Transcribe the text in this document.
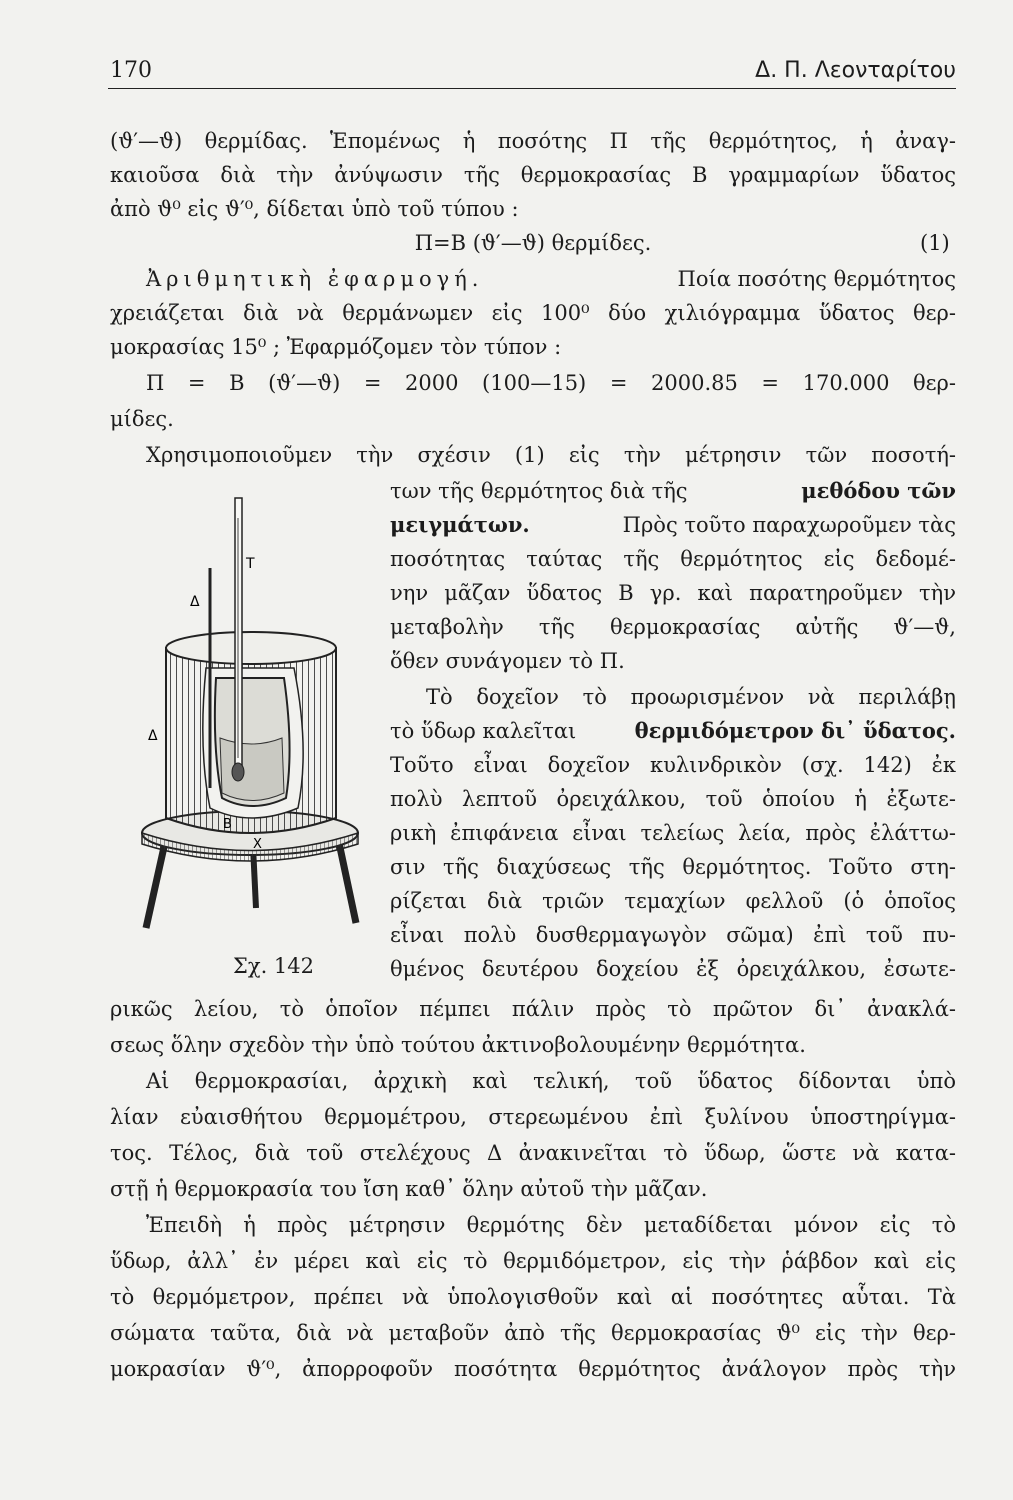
170	Δ. Π. Λεονταρίτου
(ϑ′—ϑ) θερμίδας. Ἑπομένως ἡ ποσότης Π τῆς θερμότητος, ἡ ἀναγ-
καιοῦσα διὰ τὴν ἀνύψωσιν τῆς θερμοκρασίας Β γραμμαρίων ὕδατος
ἀπὸ ϑ⁰ εἰς ϑ′⁰, δίδεται ὑπὸ τοῦ τύπου :
Π=Β (ϑ′—ϑ) θερμίδες.	(1)
Ἀριθμητικὴ ἐφαρμογή.	Ποία ποσότης θερμότητος
χρειάζεται διὰ νὰ θερμάνωμεν εἰς 100⁰ δύο χιλιόγραμμα ὕδατος θερ-
μοκρασίας 15⁰ ; Ἐφαρμόζομεν τὸν τύπον :
Π = Β (ϑ′—ϑ) = 2000 (100—15) = 2000.85 = 170.000 θερ-
μίδες.
Χρησιμοποιοῦμεν τὴν σχέσιν (1) εἰς τὴν μέτρησιν τῶν ποσοτή-
των τῆς θερμότητος διὰ τῆς	μεθόδου τῶν
μειγμάτων.	Πρὸς τοῦτο παραχωροῦμεν τὰς
ποσότητας ταύτας τῆς θερμότητος εἰς δεδομέ-
νην μᾶζαν ὕδατος Β γρ. καὶ παρατηροῦμεν τὴν
μεταβολὴν τῆς θερμοκρασίας αὐτῆς ϑ′—ϑ,
ὅθεν συνάγομεν τὸ Π.
Τὸ δοχεῖον τὸ προωρισμένον νὰ περιλάβῃ
τὸ ὕδωρ καλεῖται	θερμιδόμετρον δι᾽ ὕδατος.
Τοῦτο εἶναι δοχεῖον κυλινδρικὸν (σχ. 142) ἐκ
πολὺ λεπτοῦ ὀρειχάλκου, τοῦ ὁποίου ἡ ἐξωτε-
ρικὴ ἐπιφάνεια εἶναι τελείως λεία, πρὸς ἐλάττω-
σιν τῆς διαχύσεως τῆς θερμότητος. Τοῦτο στη-
ρίζεται διὰ τριῶν τεμαχίων φελλοῦ (ὁ ὁποῖος
εἶναι πολὺ δυσθερμαγωγὸν σῶμα) ἐπὶ τοῦ πυ-
θμένος δευτέρου δοχείου ἐξ ὀρειχάλκου, ἐσωτε-
ρικῶς λείου, τὸ ὁποῖον πέμπει πάλιν πρὸς τὸ πρῶτον δι᾽ ἀνακλά-
σεως ὅλην σχεδὸν τὴν ὑπὸ τούτου ἀκτινοβολουμένην θερμότητα.
Αἱ θερμοκρασίαι, ἀρχικὴ καὶ τελική, τοῦ ὕδατος δίδονται ὑπὸ
λίαν εὐαισθήτου θερμομέτρου, στερεωμένου ἐπὶ ξυλίνου ὑποστηρίγμα-
τος. Τέλος, διὰ τοῦ στελέχους Δ ἀνακινεῖται τὸ ὕδωρ, ὥστε νὰ κατα-
στῇ ἡ θερμοκρασία του ἴση καθ᾽ ὅλην αὐτοῦ τὴν μᾶζαν.
Ἐπειδὴ ἡ πρὸς μέτρησιν θερμότης δὲν μεταδίδεται μόνον εἰς τὸ
ὕδωρ, ἀλλ᾽ ἐν μέρει καὶ εἰς τὸ θερμιδόμετρον, εἰς τὴν ῥάβδον καὶ εἰς
τὸ θερμόμετρον, πρέπει νὰ ὑπολογισθοῦν καὶ αἱ ποσότητες αὗται. Τὰ
σώματα ταῦτα, διὰ νὰ μεταβοῦν ἀπὸ τῆς θερμοκρασίας ϑ⁰ εἰς τὴν θερ-
μοκρασίαν ϑ′⁰, ἀπορροφοῦν ποσότητα θερμότητος ἀνάλογον πρὸς τὴν
Τ
Δ
Δ
Β
Χ
Σχ. 142
